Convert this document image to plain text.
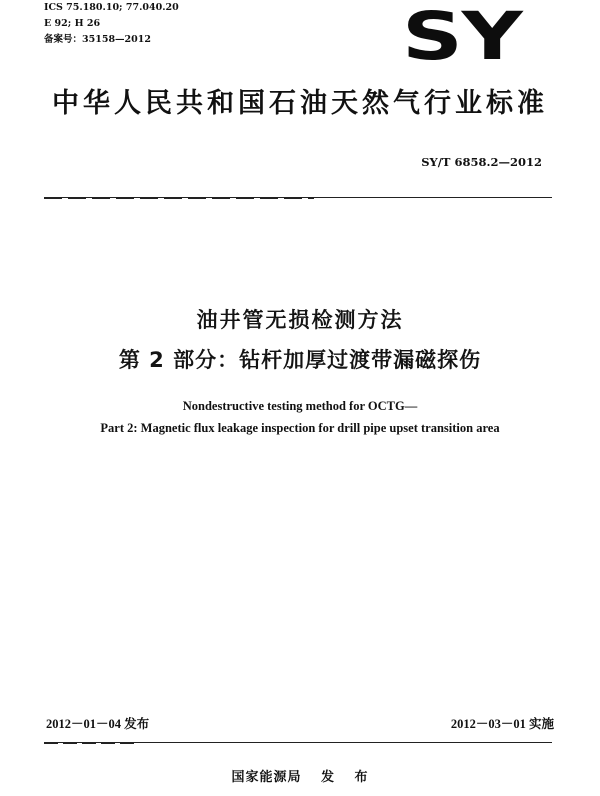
ICS 75.180.10; 77.040.20
E 92; H 26
备案号：35158—2012	SY
中华人民共和国石油天然气行业标准
SY/T 6858.2—2012
油井管无损检测方法
第 2 部分：钻杆加厚过渡带漏磁探伤
Nondestructive testing method for OCTG—
Part 2: Magnetic flux leakage inspection for drill pipe upset transition area
2012－01－04 发布	2012－03－01 实施
国家能源局 发 布
